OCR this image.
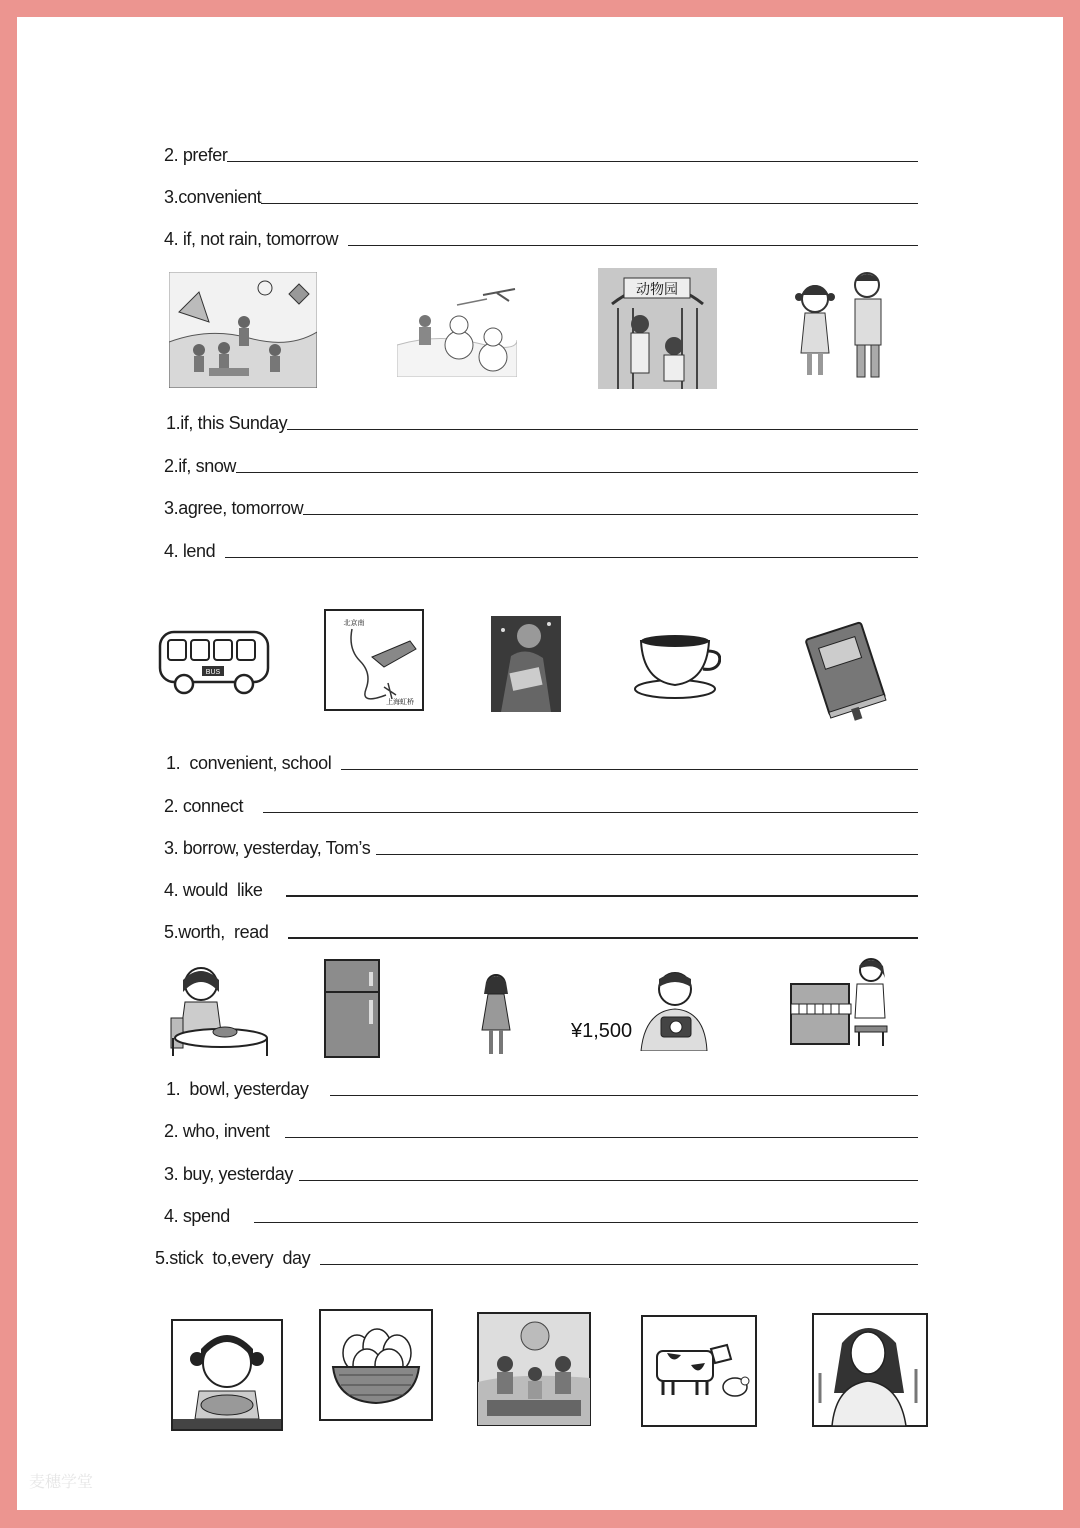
2. prefer
3.convenient
4. if, not rain, tomorrow
动物园
1.if, this Sunday
2.if, snow
3.agree, tomorrow
4. lend
BUS
北京南
上海虹桥
1.  convenient, school
2. connect
3. borrow, yesterday, Tom’s
4. would  like
5.worth,  read
¥1,500
1.  bowl, yesterday
2. who, invent
3. buy, yesterday
4. spend
5.stick  to,every  day
麦穗学堂
